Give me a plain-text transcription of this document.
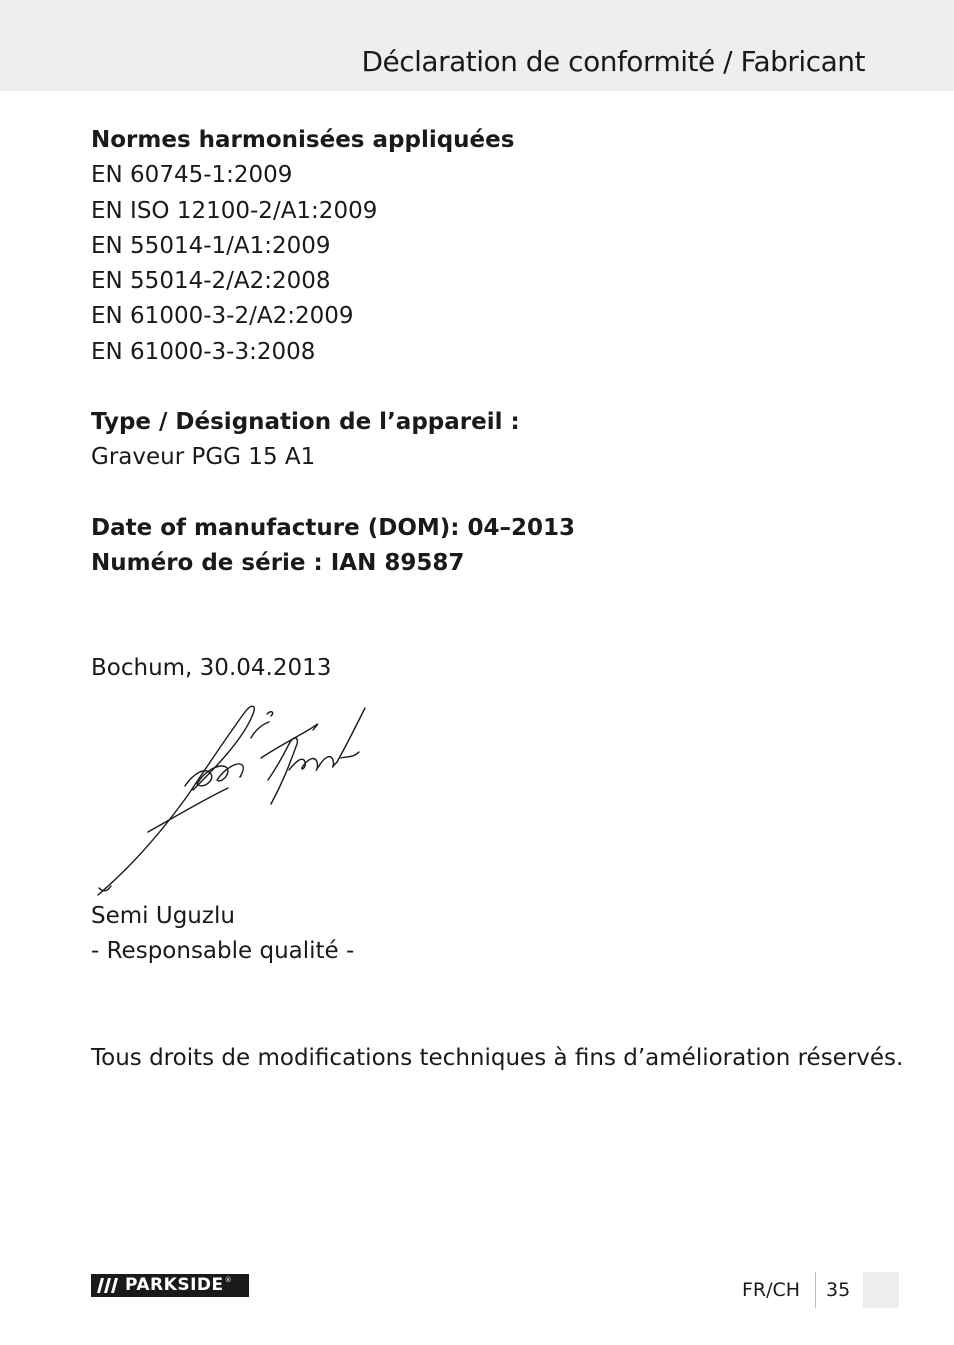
Déclaration de conformité / Fabricant
Normes harmonisées appliquées
EN 60745-1:2009
EN ISO 12100-2/A1:2009
EN 55014-1/A1:2009
EN 55014-2/A2:2008
EN 61000-3-2/A2:2009
EN 61000-3-3:2008
Type / Désignation de l’appareil :
Graveur PGG 15 A1
Date of manufacture (DOM): 04–2013
Numéro de série : IAN 89587
Bochum, 30.04.2013
Semi Uguzlu
- Responsable qualité -
Tous droits de modifications techniques à fins d’amélioration réservés.
PARKSIDE ®	FR/CH 35
